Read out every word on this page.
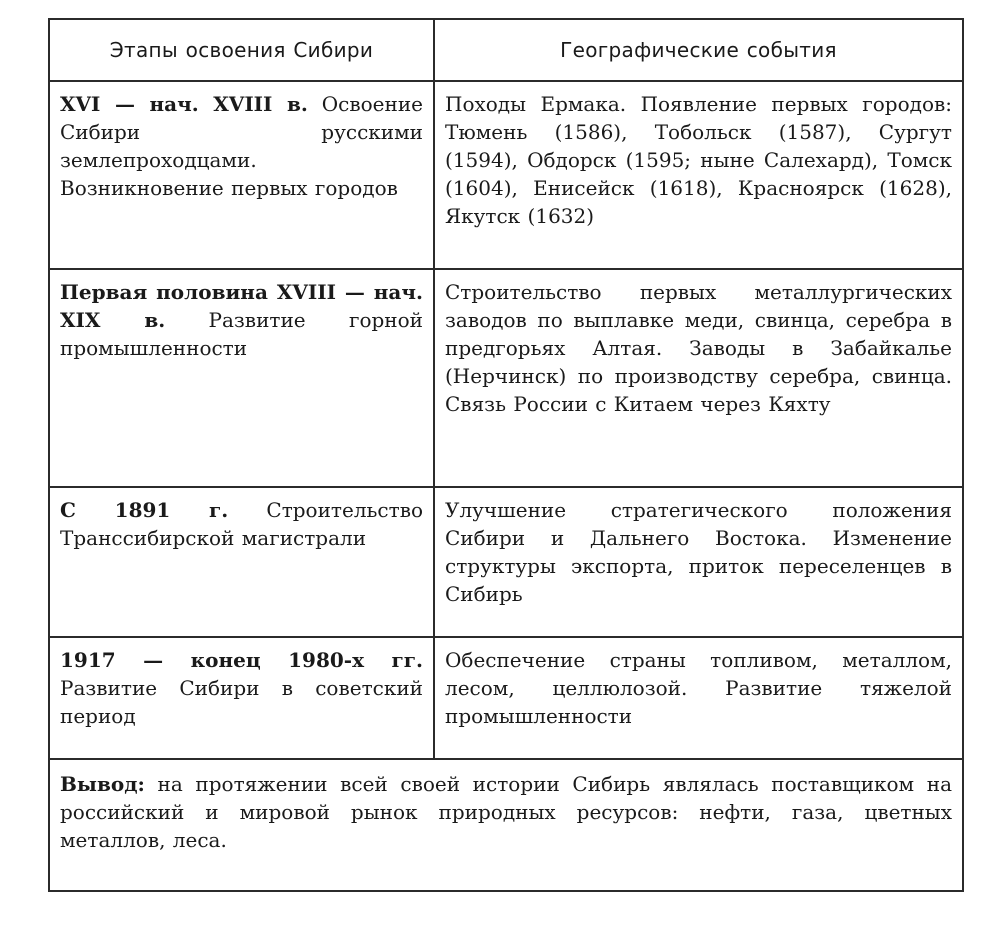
Этапы освоения Сибири	Географические события
XVI — нач. XVIII в. Освоение Сибири русскими землепроходцами. Возникновение первых городов	Походы Ермака. Появление первых городов: Тюмень (1586), Тобольск (1587), Сургут (1594), Обдорск (1595; ныне Салехард), Томск (1604), Енисейск (1618), Красноярск (1628), Якутск (1632)
Первая половина XVIII — нач. XIX в. Развитие горной промышленности	Строительство первых металлургических заводов по выплавке меди, свинца, серебра в предгорьях Алтая. Заводы в Забайкалье (Нерчинск) по производству серебра, свинца. Связь России с Китаем через Кяхту
С 1891 г. Строительство Транссибирской магистрали	Улучшение стратегического положения Сибири и Дальнего Востока. Изменение структуры экспорта, приток переселенцев в Сибирь
1917 — конец 1980-х гг. Развитие Сибири в советский период	Обеспечение страны топливом, металлом, лесом, целлюлозой. Развитие тяжелой промышленности
Вывод: на протяжении всей своей истории Сибирь являлась поставщиком на российский и мировой рынок природных ресурсов: нефти, газа, цветных металлов, леса.	
